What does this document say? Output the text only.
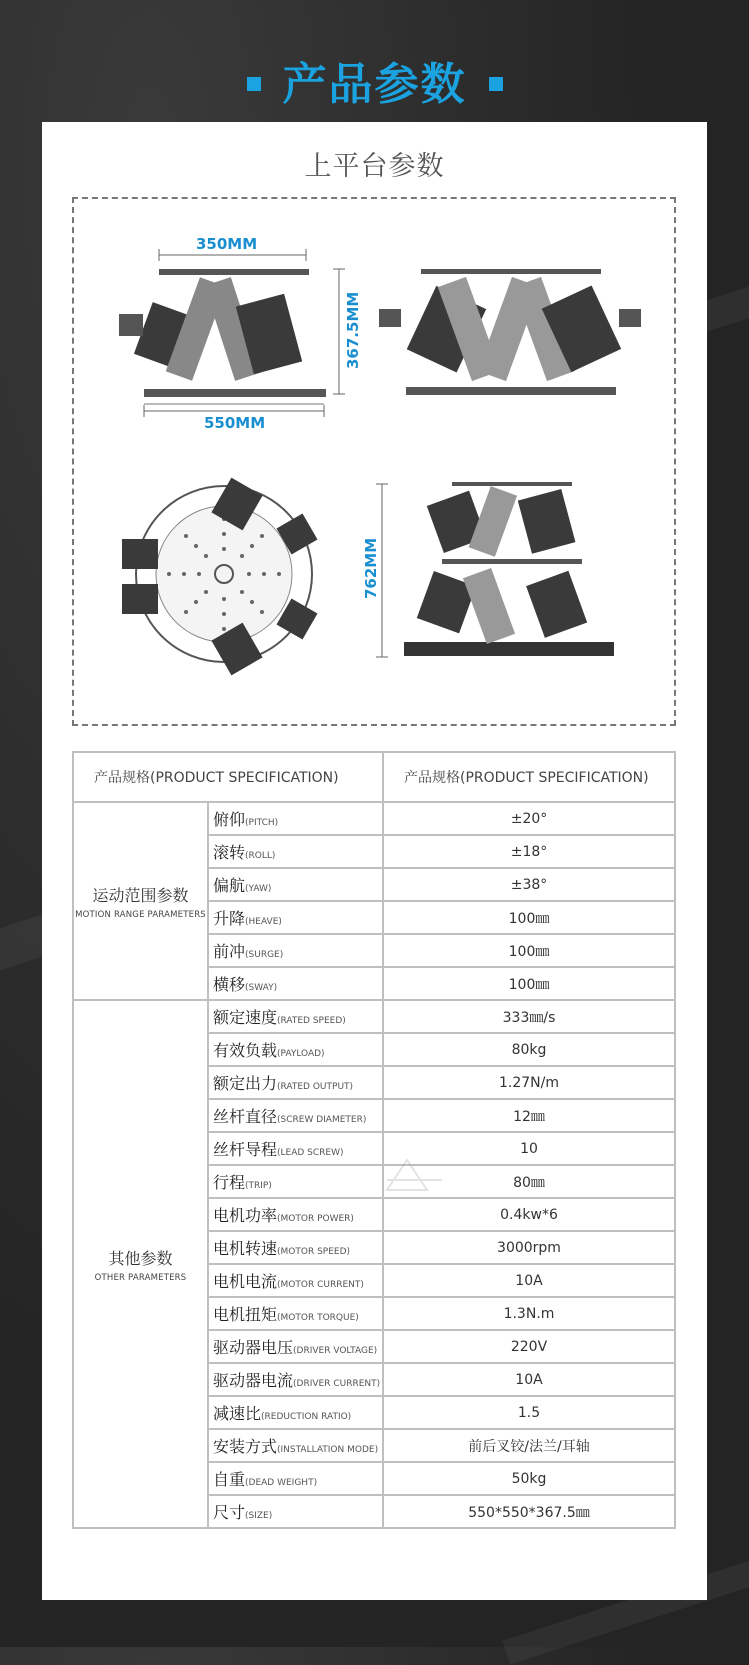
产品参数
上平台参数
350MM
367.5MM
550MM
762MM
产品规格(PRODUCT SPECIFICATION)		产品规格(PRODUCT SPECIFICATION)

运动范围参数
MOTION RANGE PARAMETERS	俯仰(PITCH)	±20°
	滚转(ROLL)	±18°
	偏航(YAW)	±38°
	升降(HEAVE)	100㎜
	前冲(SURGE)	100㎜
	横移(SWAY)	100㎜

其他参数
OTHER PARAMETERS	额定速度(RATED SPEED)	333㎜/s
	有效负载(PAYLOAD)	80kg
	额定出力(RATED OUTPUT)	1.27N/m
	丝杆直径(SCREW DIAMETER)	12㎜
	丝杆导程(LEAD SCREW)	10
	行程(TRIP)	80㎜
	电机功率(MOTOR POWER)	0.4kw*6
	电机转速(MOTOR SPEED)	3000rpm
	电机电流(MOTOR CURRENT)	10A
	电机扭矩(MOTOR TORQUE)	1.3N.m
	驱动器电压(DRIVER VOLTAGE)	220V
	驱动器电流(DRIVER CURRENT)	10A
	减速比(REDUCTION RATIO)	1.5
	安装方式(INSTALLATION MODE)	前后叉铰/法兰/耳轴
	自重(DEAD WEIGHT)	50kg
	尺寸(SIZE)	550*550*367.5㎜
